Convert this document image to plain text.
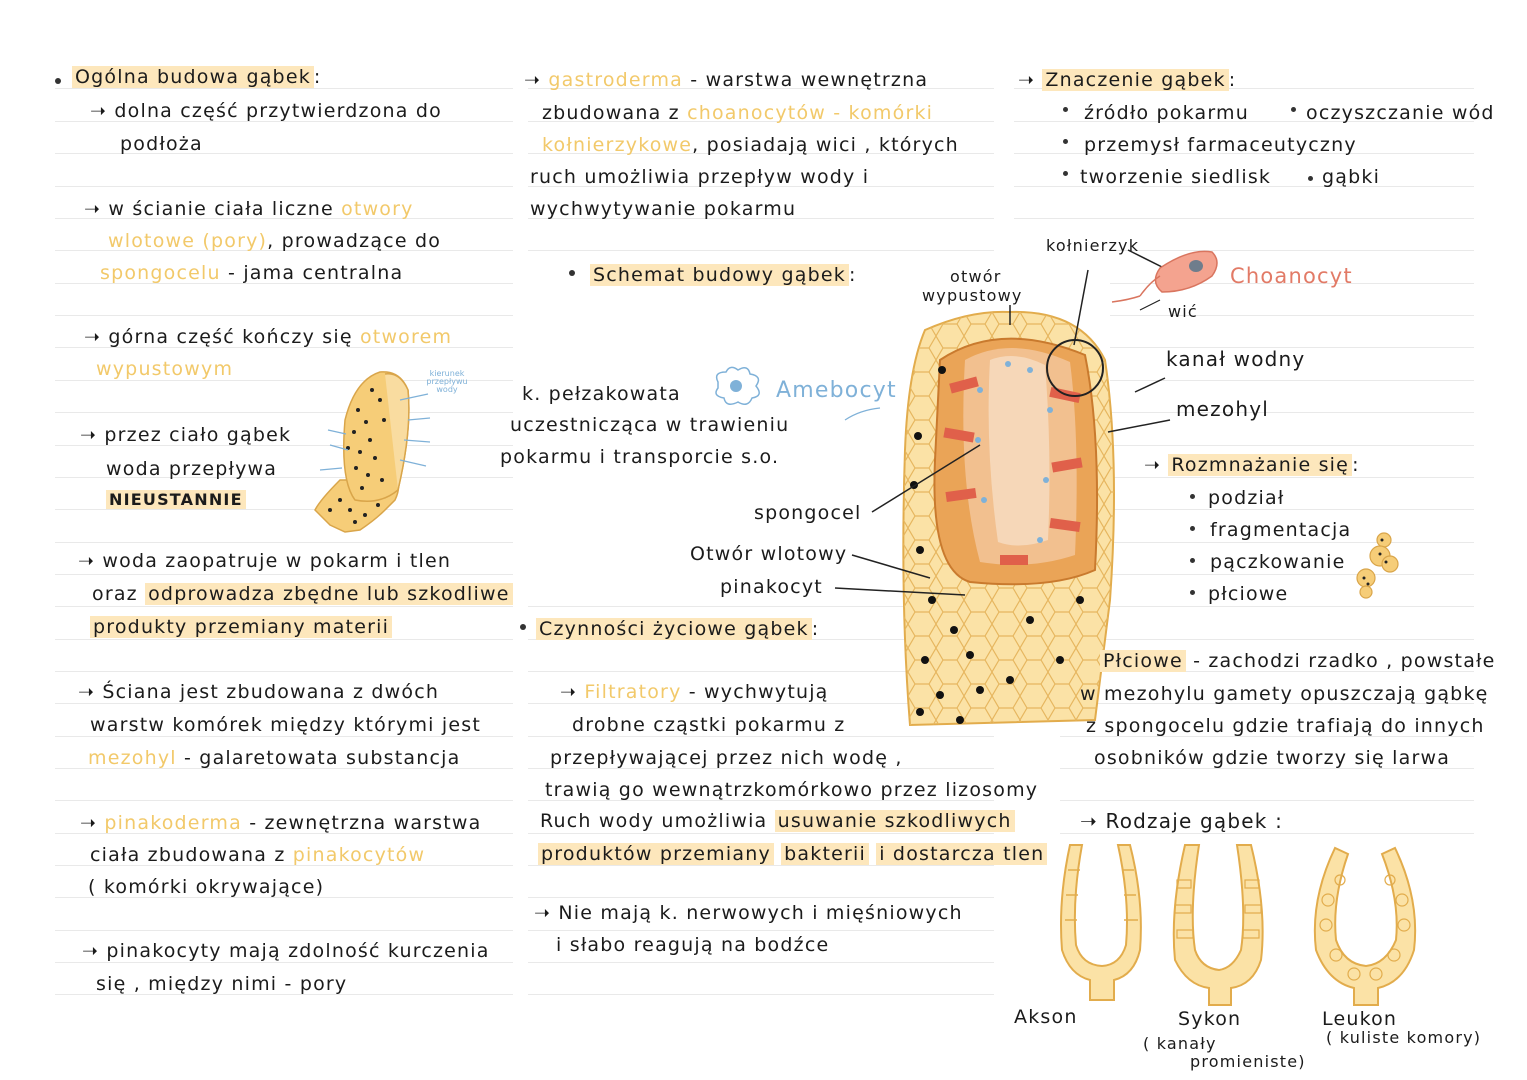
Ogólna budowa gąbek :
➝ dolna część przytwierdzona do
podłoża
➝ w ścianie ciała liczne otwory
wlotowe (pory), prowadzące do
spongocelu - jama centralna
➝ górna część kończy się otworem
wypustowym
➝ przez ciało gąbek
woda przepływa
NIEUSTANNIE
kierunek przepływu wody
➝ woda zaopatruje w pokarm i tlen
oraz odprowadza zbędne lub szkodliwe
produkty przemiany materii
➝ Ściana jest zbudowana z dwóch
warstw komórek między którymi jest
mezohyl - galaretowata substancja
➝ pinakoderma - zewnętrzna warstwa
ciała zbudowana z pinakocytów
( komórki okrywające)
➝ pinakocyty mają zdolność kurczenia
się , między nimi - pory
➝ gastroderma - warstwa wewnętrzna
zbudowana z choanocytów - komórki
kołnierzykowe, posiadają wici , których
ruch umożliwia przepływ wody i
wychwytywanie pokarmu
Schemat budowy gąbek :
Amebocyt
k. pełzakowata
uczestnicząca w trawieniu
pokarmu i transporcie s.o.
spongocel
Otwór wlotowy
pinakocyt
Czynności życiowe gąbek :
➝ Filtratory - wychwytują
drobne cząstki pokarmu z
przepływającej przez nich wodę ,
trawią go wewnątrzkomórkowo przez lizosomy
Ruch wody umożliwia usuwanie szkodliwych
produktów przemiany bakterii i dostarcza tlen
➝ Nie mają k. nerwowych i mięśniowych
i słabo reagują na bodźce
otwór
wypustowy
kołnierzyk
Choanocyt
wić
kanał wodny
mezohyl
➝ Znaczenie gąbek :
źródło pokarmu	oczyszczanie wód
przemysł farmaceutyczny
tworzenie siedlisk	gąbki
➝ Rozmnażanie się :
podział
fragmentacja
pączkowanie
płciowe
Płciowe - zachodzi rzadko , powstałe
w mezohylu gamety opuszczają gąbkę
z spongocelu gdzie trafiają do innych
osobników gdzie tworzy się larwa
➝ Rodzaje gąbek :
Akson	Sykon
( kanały
promieniste)
Leukon
( kuliste komory)
